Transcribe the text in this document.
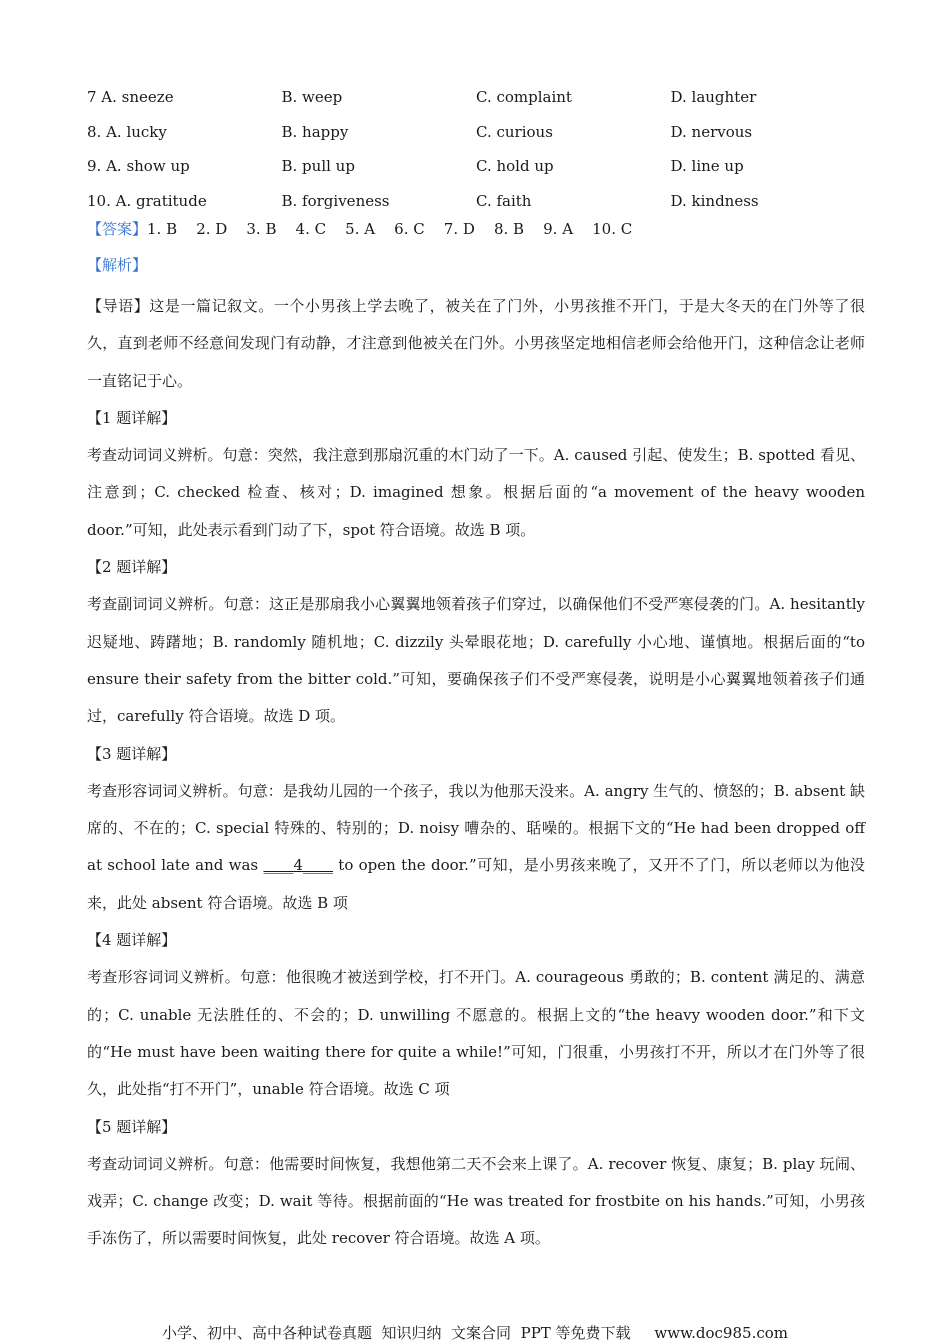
7 A. sneeze	B. weep	C. complaint	D. laughter
8. A. lucky	B. happy	C. curious	D. nervous
9. A. show up	B. pull up	C. hold up	D. line up
10. A. gratitude	B. forgiveness	C. faith	D. kindness
【答案】1. B    2. D    3. B    4. C    5. A    6. C    7. D    8. B    9. A    10. C
【解析】

【导语】这是一篇记叙文。一个小男孩上学去晚了，被关在了门外，小男孩推不开门，于是大冬天的在门外等了很久，直到老师不经意间发现门有动静，才注意到他被关在门外。小男孩坚定地相信老师会给他开门，这种信念让老师一直铭记于心。

【1 题详解】

考查动词词义辨析。句意：突然，我注意到那扇沉重的木门动了一下。A. caused 引起、使发生；B. spotted 看见、注意到；C. checked 检查、核对；D. imagined 想象。根据后面的“a movement of the heavy wooden door.”可知，此处表示看到门动了下，spot 符合语境。故选 B 项。

【2 题详解】

考查副词词义辨析。句意：这正是那扇我小心翼翼地领着孩子们穿过，以确保他们不受严寒侵袭的门。A. hesitantly 迟疑地、踌躇地；B. randomly 随机地；C. dizzily 头晕眼花地；D. carefully 小心地、谨慎地。根据后面的“to ensure their safety from the bitter cold.”可知，要确保孩子们不受严寒侵袭，说明是小心翼翼地领着孩子们通过，carefully 符合语境。故选 D 项。

【3 题详解】

考查形容词词义辨析。句意：是我幼儿园的一个孩子，我以为他那天没来。A. angry 生气的、愤怒的；B. absent 缺席的、不在的；C. special 特殊的、特别的；D. noisy 嘈杂的、聒噪的。根据下文的“He had been dropped off at school late and was ____4____ to open the door.”可知，是小男孩来晚了，又开不了门，所以老师以为他没来，此处 absent 符合语境。故选 B 项

【4 题详解】

考查形容词词义辨析。句意：他很晚才被送到学校，打不开门。A. courageous 勇敢的；B. content 满足的、满意的；C. unable 无法胜任的、不会的；D. unwilling 不愿意的。根据上文的“the heavy wooden door.”和下文的“He must have been waiting there for quite a while!”可知，门很重，小男孩打不开，所以才在门外等了很久，此处指“打不开门”，unable 符合语境。故选 C 项

【5 题详解】

考查动词词义辨析。句意：他需要时间恢复，我想他第二天不会来上课了。A. recover 恢复、康复；B. play 玩闹、戏弄；C. change 改变；D. wait 等待。根据前面的“He was treated for frostbite on his hands.”可知，小男孩手冻伤了，所以需要时间恢复，此处 recover 符合语境。故选 A 项。

小学、初中、高中各种试卷真题  知识归纳  文案合同  PPT 等免费下载     www.doc985.com
